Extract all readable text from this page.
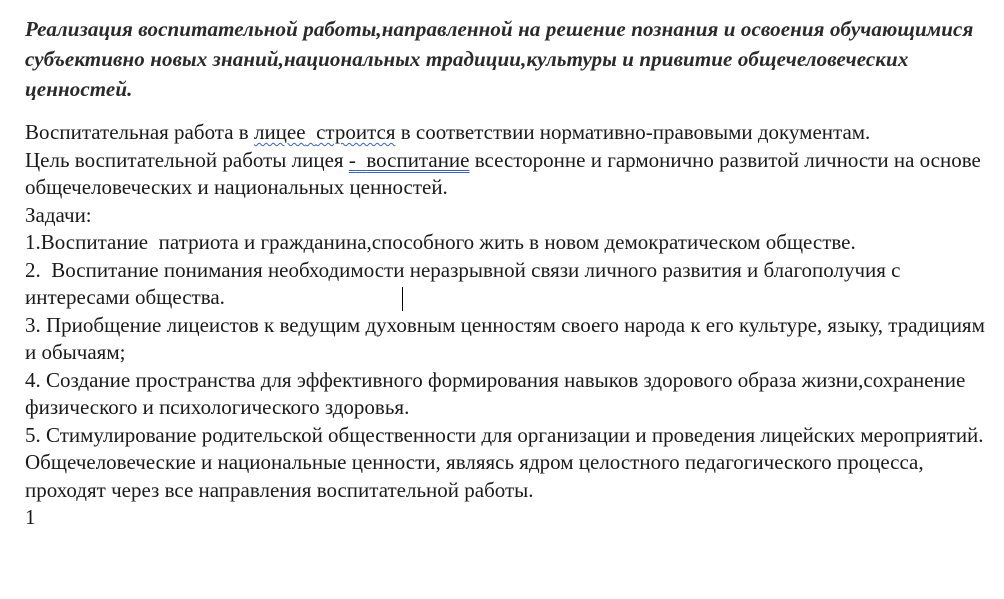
Реализация воспитательной работы,направленной на решение познания и освоения обучающимися субъективно новых знаний,национальных традиции,культуры и привитие общечеловеческих ценностей.

Воспитательная работа в лицее строится в соответствии нормативно-правовыми документам.

Цель воспитательной работы лицея - воспитание всесторонне и гармонично развитой личности на основе общечеловеческих и национальных ценностей.

Задачи:

1.Воспитание  патриота и гражданина,способного жить в новом демократическом обществе.

2.  Воспитание понимания необходимости неразрывной связи личного развития и благополучия с интересами общества.

3. Приобщение лицеистов к ведущим духовным ценностям своего народа к его культуре, языку, традициям и обычаям;

4. Создание пространства для эффективного формирования навыков здорового образа жизни,сохранение физического и психологического здоровья.

5. Стимулирование родительской общественности для организации и проведения лицейских мероприятий.

Общечеловеческие и национальные ценности, являясь ядром целостного педагогического процесса, проходят через все направления воспитательной работы.

1
